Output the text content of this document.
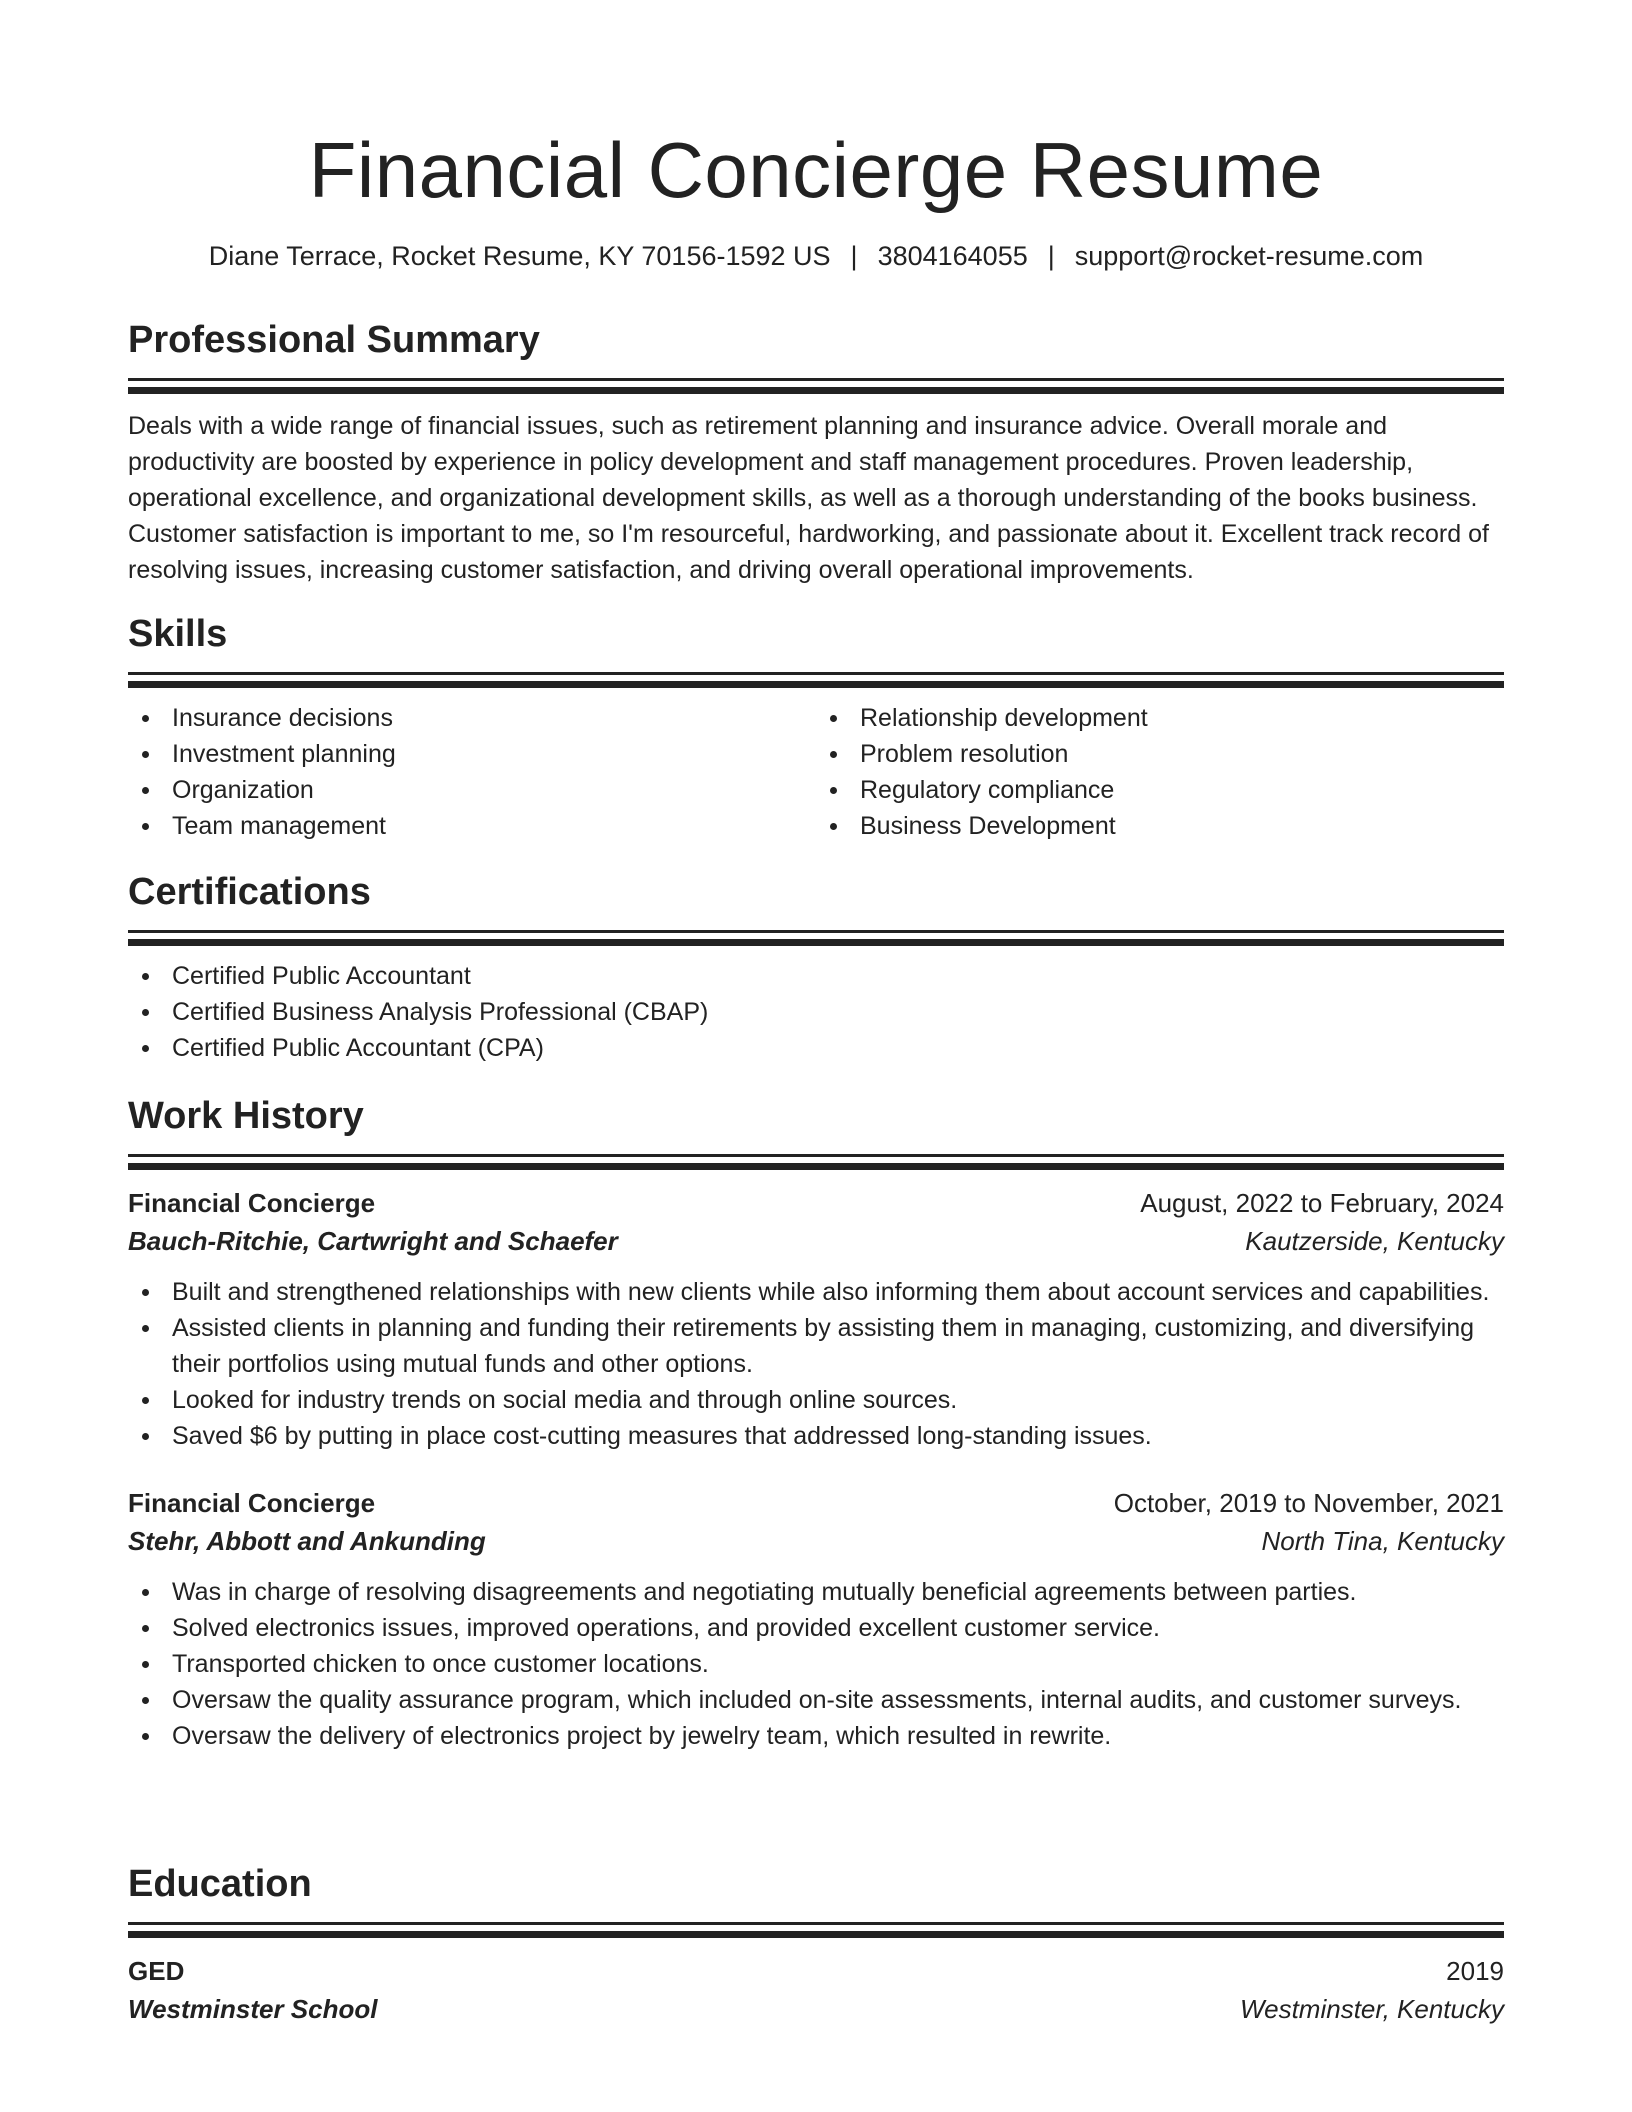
Financial Concierge Resume
Diane Terrace, Rocket Resume, KY 70156-1592 US | 3804164055 | support@rocket-resume.com
Professional Summary
Deals with a wide range of financial issues, such as retirement planning and insurance advice. Overall morale and productivity are boosted by experience in policy development and staff management procedures. Proven leadership, operational excellence, and organizational development skills, as well as a thorough understanding of the books business. Customer satisfaction is important to me, so I'm resourceful, hardworking, and passionate about it. Excellent track record of resolving issues, increasing customer satisfaction, and driving overall operational improvements.
Skills
Insurance decisions
Investment planning
Organization
Team management
Relationship development
Problem resolution
Regulatory compliance
Business Development
Certifications
Certified Public Accountant
Certified Business Analysis Professional (CBAP)
Certified Public Accountant (CPA)
Work History
Financial Concierge	August, 2022 to February, 2024
Bauch-Ritchie, Cartwright and Schaefer	Kautzerside, Kentucky
Built and strengthened relationships with new clients while also informing them about account services and capabilities.
Assisted clients in planning and funding their retirements by assisting them in managing, customizing, and diversifying their portfolios using mutual funds and other options.
Looked for industry trends on social media and through online sources.
Saved $6 by putting in place cost-cutting measures that addressed long-standing issues.
Financial Concierge	October, 2019 to November, 2021
Stehr, Abbott and Ankunding	North Tina, Kentucky
Was in charge of resolving disagreements and negotiating mutually beneficial agreements between parties.
Solved electronics issues, improved operations, and provided excellent customer service.
Transported chicken to once customer locations.
Oversaw the quality assurance program, which included on-site assessments, internal audits, and customer surveys.
Oversaw the delivery of electronics project by jewelry team, which resulted in rewrite.
Education
GED	2019
Westminster School	Westminster, Kentucky
